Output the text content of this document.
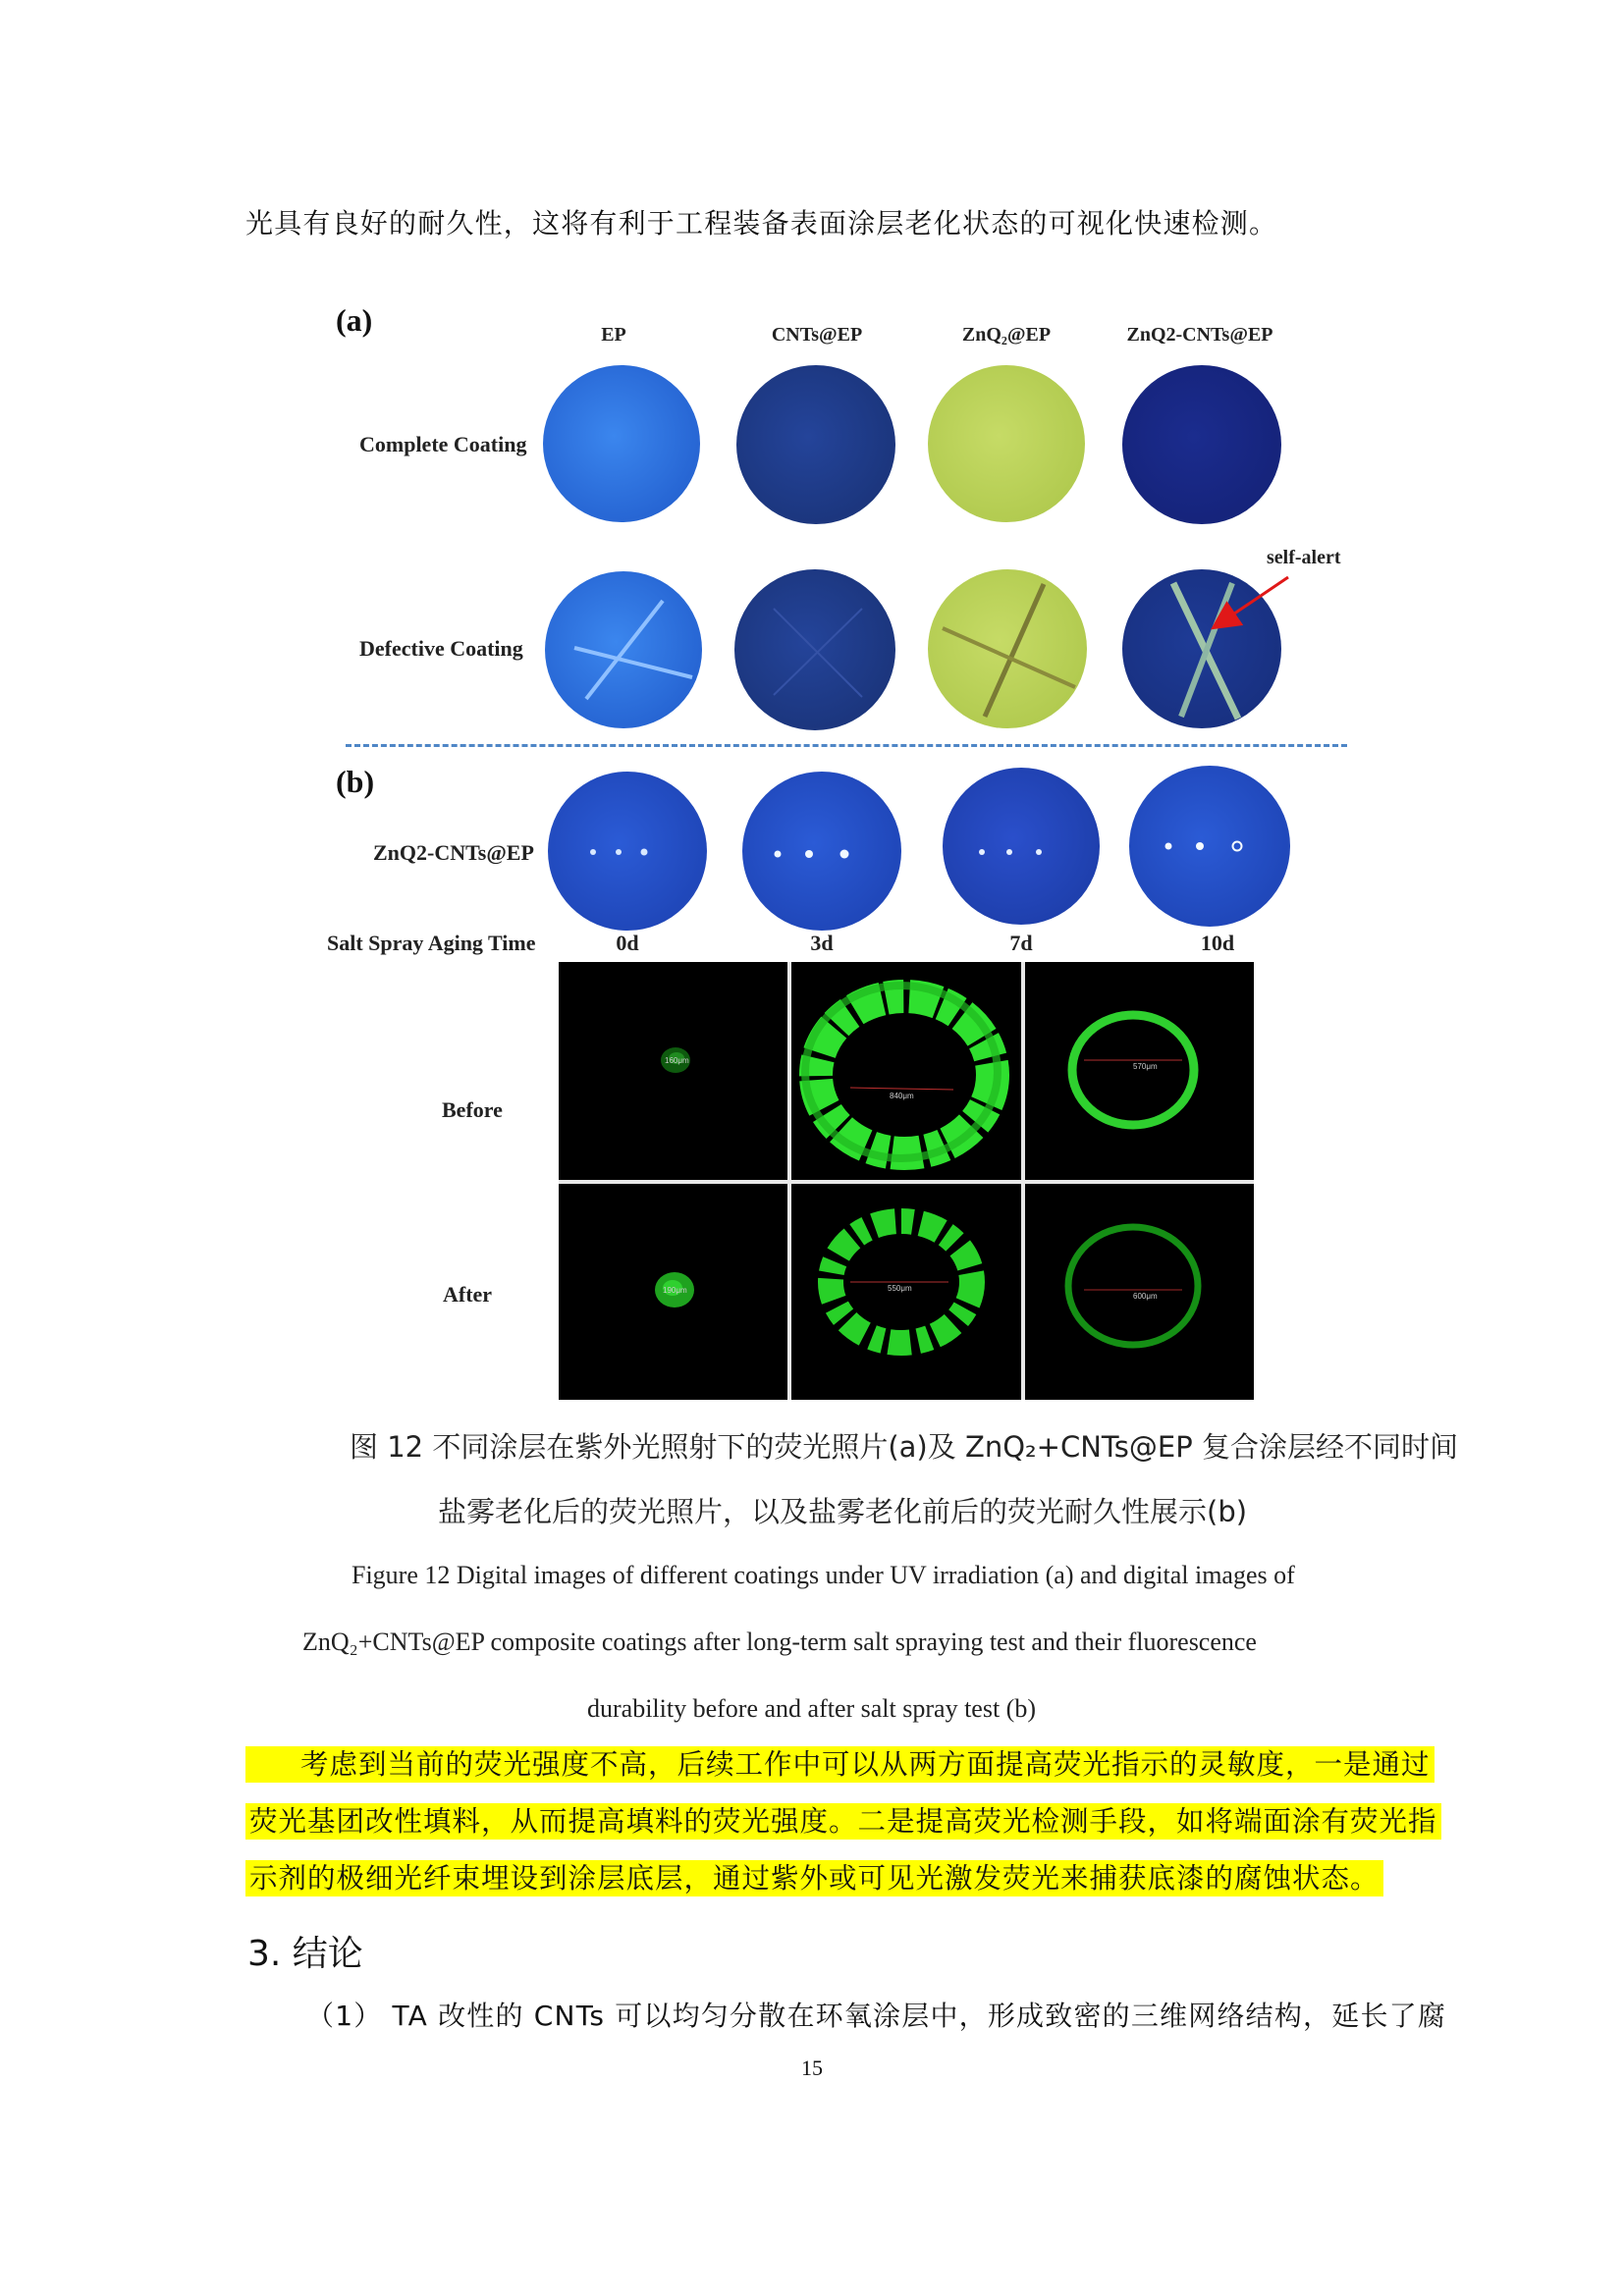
光具有良好的耐久性，这将有利于工程装备表面涂层老化状态的可视化快速检测。
(a)	EP	CNTs@EP	ZnQ₂@EP	ZnQ2-CNTs@EP
Complete Coating
Defective Coating
self-alert
(b)
ZnQ2-CNTs@EP
Salt Spray Aging Time	0d	3d	7d	10d
Before
After
160μm
840μm
570μm
190μm	550μm
600μm
图 12 不同涂层在紫外光照射下的荧光照片(a)及 ZnQ₂+CNTs@EP 复合涂层经不同时间
盐雾老化后的荧光照片，以及盐雾老化前后的荧光耐久性展示(b)
Figure 12 Digital images of different coatings under UV irradiation (a) and digital images of
ZnQ₂+CNTs@EP composite coatings after long-term salt spraying test and their fluorescence
durability before and after salt spray test (b)
考虑到当前的荧光强度不高，后续工作中可以从两方面提高荧光指示的灵敏度，一是通过
荧光基团改性填料，从而提高填料的荧光强度。二是提高荧光检测手段，如将端面涂有荧光指
示剂的极细光纤束埋设到涂层底层，通过紫外或可见光激发荧光来捕获底漆的腐蚀状态。
3. 结论
（1） TA 改性的 CNTs 可以均匀分散在环氧涂层中，形成致密的三维网络结构，延长了腐
15
